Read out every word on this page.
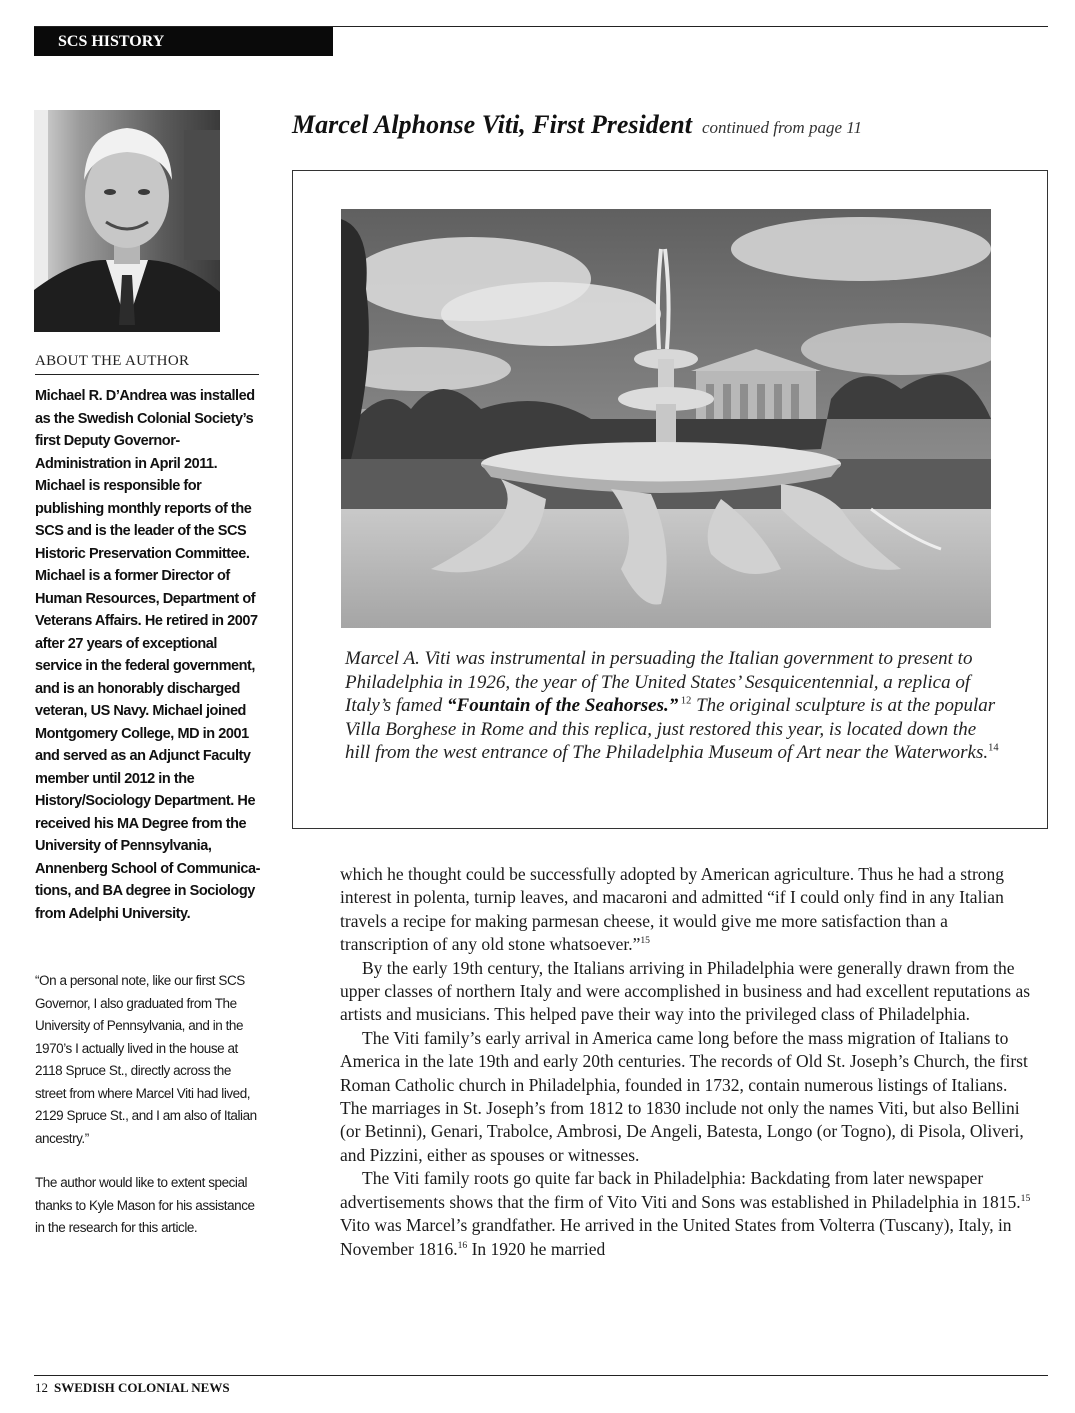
SCS HISTORY
ABOUT THE AUTHOR

Michael R. D’Andrea was installed as the Swedish Colonial Society’s first Deputy Governor-Administration in April 2011. Michael is responsible for publishing monthly reports of the SCS and is the leader of the SCS Historic Preservation Committee. Michael is a former Director of Human Resources, Department of Veterans Affairs. He retired in 2007 after 27 years of exceptional service in the federal government, and is an honorably discharged veteran, US Navy. Michael joined Montgomery College, MD in 2001 and served as an Adjunct Faculty member until 2012 in the History/Sociology Department. He received his MA Degree from the University of Pennsylvania, Annenberg School of Communica-tions, and BA degree in Sociology from Adelphi University.

“On a personal note, like our first SCS Governor, I also graduated from The University of Pennsylvania, and in the 1970’s I actually lived in the house at 2118 Spruce St., directly across the street from where Marcel Viti had lived, 2129 Spruce St., and I am also of Italian ancestry.”

The author would like to extent special thanks to Kyle Mason for his assistance in the research for this article.

Marcel Alphonse Viti, First President continued from page 11

Marcel A. Viti was instrumental in persuading the Italian government to present to Philadelphia in 1926, the year of The United States’ Sesquicentennial, a replica of Italy’s famed “Fountain of the Seahorses.” $^{12}$ The original sculpture is at the popular Villa Borghese in Rome and this replica, just restored this year, is located down the hill from the west entrance of The Philadelphia Museum of Art near the Waterworks.$^{14}$

which he thought could be successfully adopted by American agriculture. Thus he had a strong interest in polenta, turnip leaves, and macaroni and admitted “if I could only find in any Italian travels a recipe for making parmesan cheese, it would give me more satisfaction than a transcription of any old stone whatsoever.”$^{15}$

By the early 19th century, the Italians arriving in Philadelphia were generally drawn from the upper classes of northern Italy and were accomplished in business and had excellent reputations as artists and musicians. This helped pave their way into the privileged class of Philadelphia.

The Viti family’s early arrival in America came long before the mass migration of Italians to America in the late 19th and early 20th centuries. The records of Old St. Joseph’s Church, the first Roman Catholic church in Philadelphia, founded in 1732, contain numerous listings of Italians. The marriages in St. Joseph’s from 1812 to 1830 include not only the names Viti, but also Bellini (or Betinni), Genari, Trabolce, Ambrosi, De Angeli, Batesta, Longo (or Togno), di Pisola, Oliveri, and Pizzini, either as spouses or witnesses.

The Viti family roots go quite far back in Philadelphia: Backdating from later newspaper advertisements shows that the firm of Vito Viti and Sons was established in Philadelphia in 1815.15 Vito was Marcel’s grandfather. He arrived in the United States from Volterra (Tuscany), Italy, in November 1816.16 In 1920 he married

12 SWEDISH COLONIAL NEWS
